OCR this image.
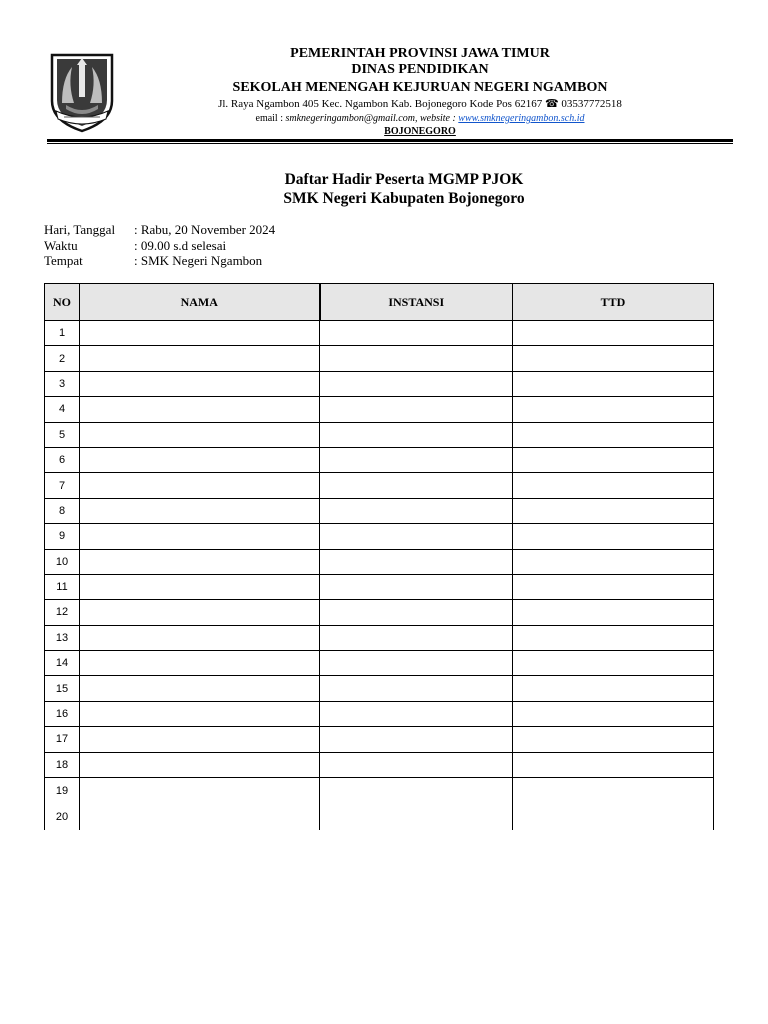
PEMERINTAH PROVINSI JAWA TIMUR
DINAS PENDIDIKAN
SEKOLAH MENENGAH KEJURUAN NEGERI NGAMBON
Jl. Raya Ngambon 405 Kec. Ngambon Kab. Bojonegoro Kode Pos 62167 ☎ 03537772518
email : smknegeringambon@gmail.com, website : www.smknegeringambon.sch.id
BOJONEGORO
Daftar Hadir Peserta MGMP PJOK
SMK Negeri Kabupaten Bojonegoro
Hari, Tanggal	: Rabu, 20 November 2024
Waktu	: 09.00 s.d selesai
Tempat	: SMK Negeri Ngambon
NO	NAMA	INSTANSI	TTD
1			
2			
3			
4			
5			
6			
7			
8			
9			
10			
11			
12			
13			
14			
15			
16			
17			
18			

19
20			
